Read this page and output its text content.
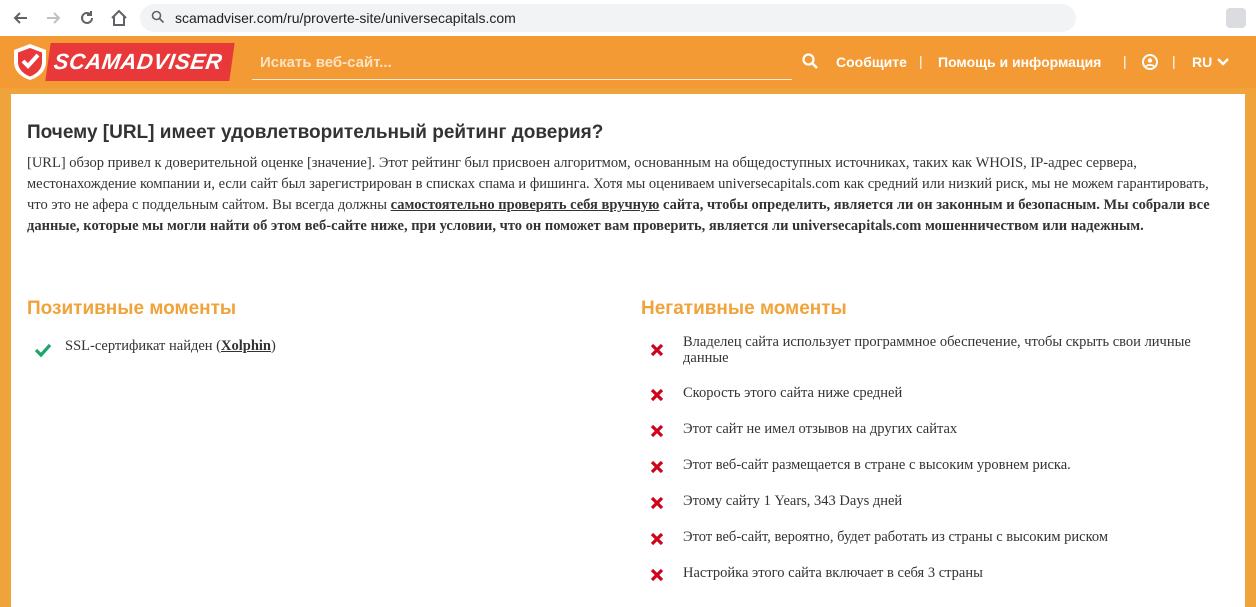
scamadviser.com/ru/proverte-site/universecapitals.com
SCAMADVISER
Искать веб-сайт...	Сообщите | Помощь и информация |	| RU
Почему [URL] имеет удовлетворительный рейтинг доверия?

[URL] обзор привел к доверительной оценке [значение]. Этот рейтинг был присвоен алгоритмом, основанным на общедоступных источниках, таких как WHOIS, IP-адрес сервера, местонахождение компании и, если сайт был зарегистрирован в списках спама и фишинга. Хотя мы оцениваем universecapitals.com как средний или низкий риск, мы не можем гарантировать, что это не афера с поддельным сайтом. Вы всегда должны самостоятельно проверять себя вручную сайта, чтобы определить, является ли он законным и безопасным. Мы собрали все данные, которые мы могли найти об этом веб-сайте ниже, при условии, что он поможет вам проверить, является ли universecapitals.com мошенничеством или надежным.

Позитивные моменты
SSL-сертификат найден (Xolphin)
Негативные моменты
Владелец сайта использует программное обеспечение, чтобы скрыть свои личные данные
Скорость этого сайта ниже средней
Этот сайт не имел отзывов на других сайтах
Этот веб-сайт размещается в стране с высоким уровнем риска.
Этому сайту 1 Years, 343 Days дней
Этот веб-сайт, вероятно, будет работать из страны с высоким риском
Настройка этого сайта включает в себя 3 страны
